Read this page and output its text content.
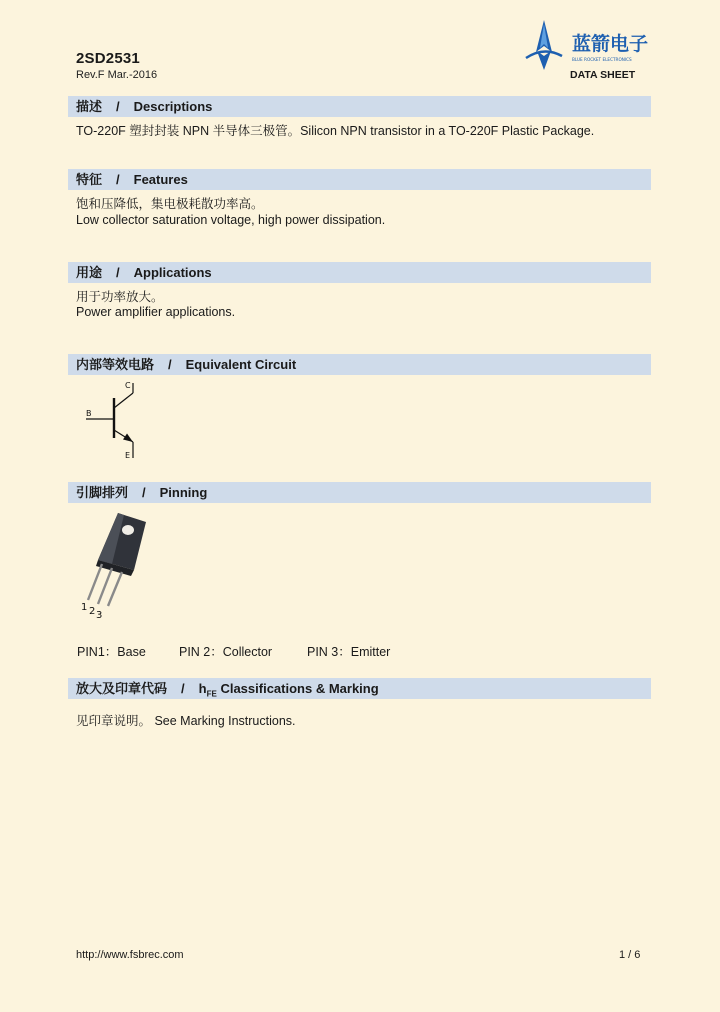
2SD2531
Rev.F Mar.-2016
蓝箭电子
BLUE ROCKET ELECTRONICS
DATA SHEET
描述 / Descriptions
TO-220F 塑封封装 NPN 半导体三极管。Silicon NPN transistor in a TO-220F Plastic Package.
特征 / Features
饱和压降低，集电极耗散功率高。
Low collector saturation voltage, high power dissipation.
用途 / Applications
用于功率放大。
Power amplifier applications.
内部等效电路 / Equivalent Circuit
C
B
E
引脚排列 / Pinning
1 2 3
PIN1：Base	PIN 2：Collector	PIN 3：Emitter
放大及印章代码 / $h_{FE}$ Classifications & Marking
见印章说明。 See Marking Instructions.
http://www.fsbrec.com	1 / 6
